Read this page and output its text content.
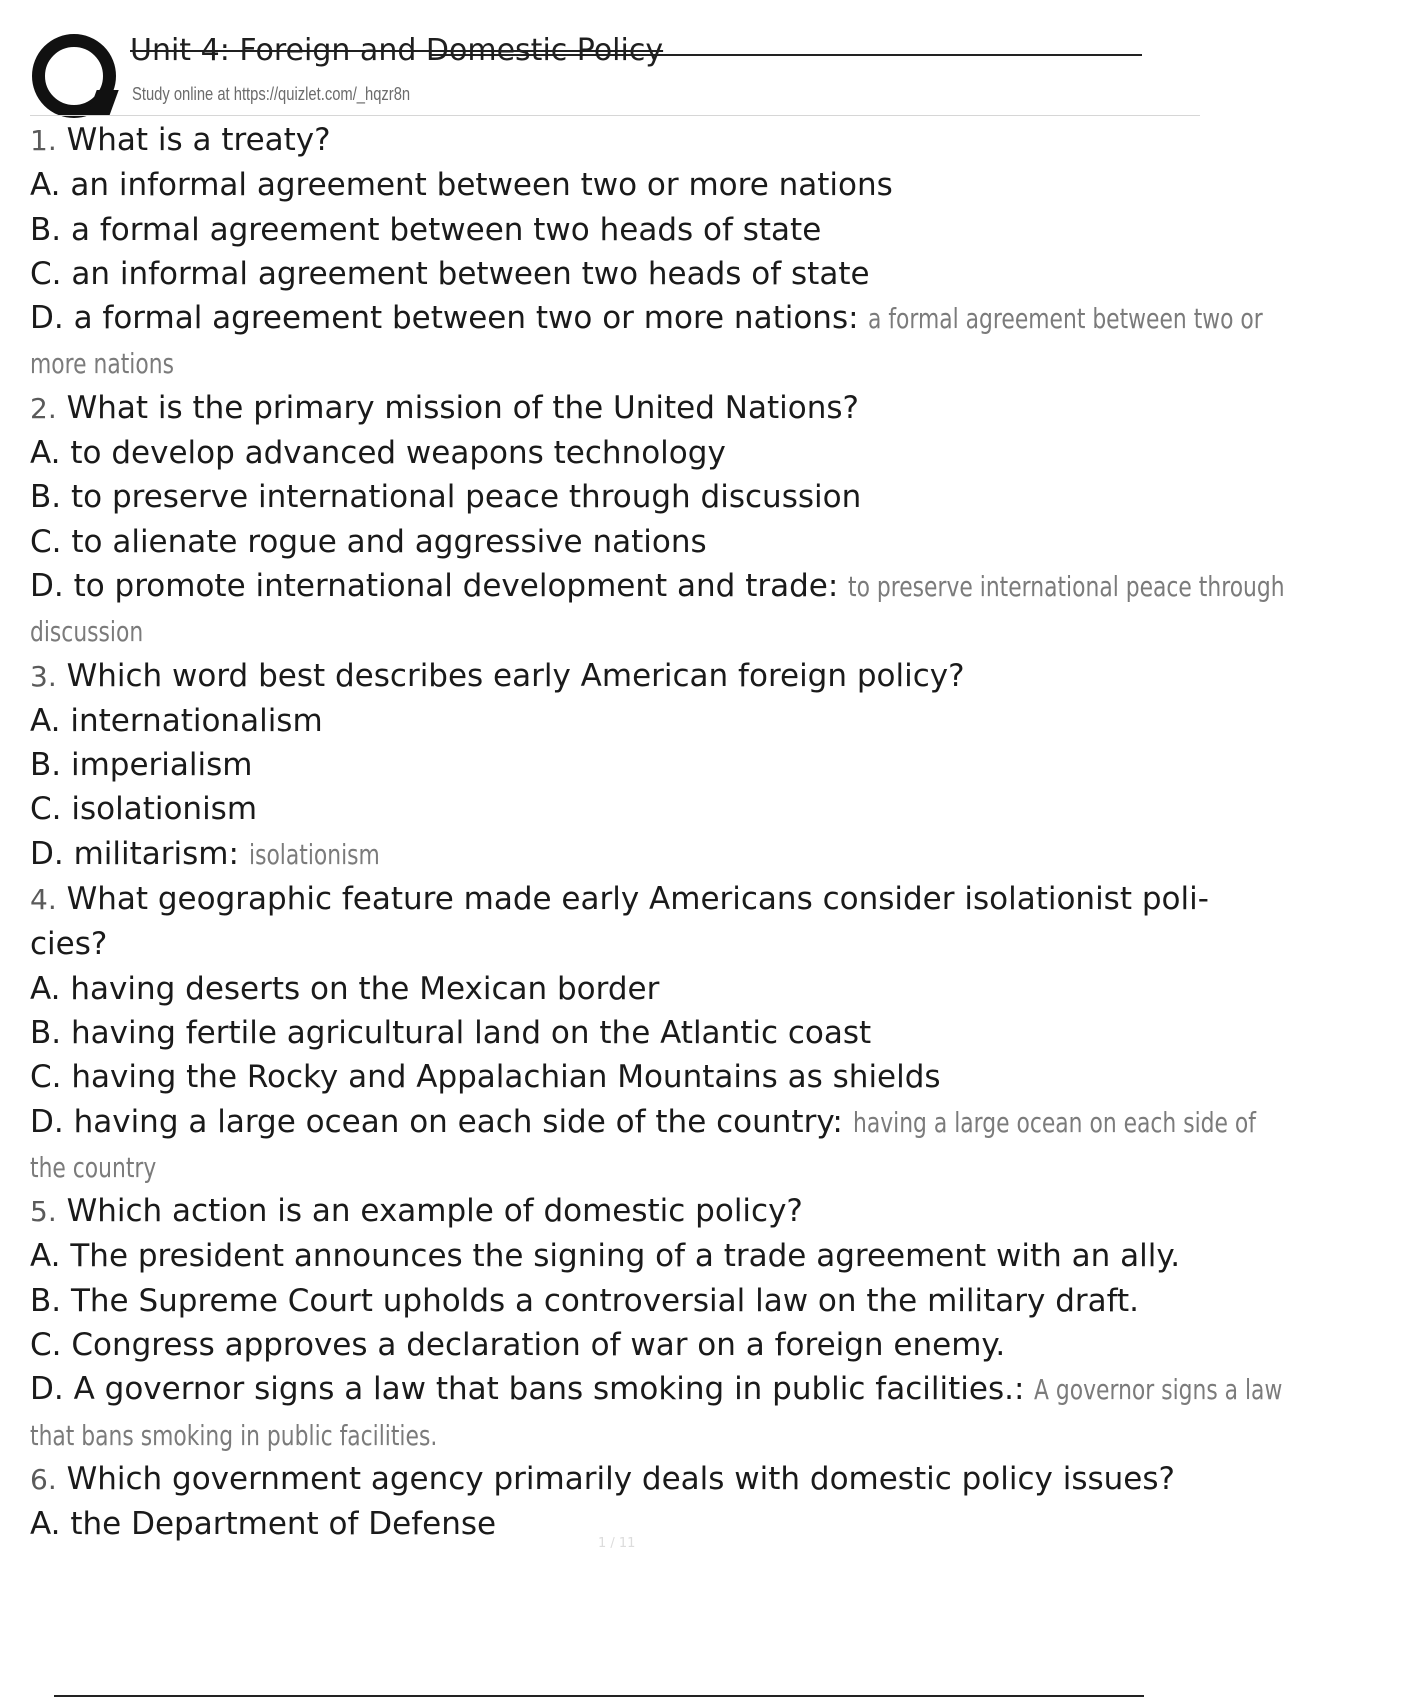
Unit 4: Foreign and Domestic Policy
Study online at https://quizlet.com/_hqzr8n
1. What is a treaty?
A. an informal agreement between two or more nations
B. a formal agreement between two heads of state
C. an informal agreement between two heads of state
D. a formal agreement between two or more nations: a formal agreement between two or
more nations
2. What is the primary mission of the United Nations?
A. to develop advanced weapons technology
B. to preserve international peace through discussion
C. to alienate rogue and aggressive nations
D. to promote international development and trade: to preserve international peace through
discussion
3. Which word best describes early American foreign policy?
A. internationalism
B. imperialism
C. isolationism
D. militarism: isolationism
4. What geographic feature made early Americans consider isolationist poli-
cies?
A. having deserts on the Mexican border
B. having fertile agricultural land on the Atlantic coast
C. having the Rocky and Appalachian Mountains as shields
D. having a large ocean on each side of the country: having a large ocean on each side of
the country
5. Which action is an example of domestic policy?
A. The president announces the signing of a trade agreement with an ally.
B. The Supreme Court upholds a controversial law on the military draft.
C. Congress approves a declaration of war on a foreign enemy.
D. A governor signs a law that bans smoking in public facilities.: A governor signs a law
that bans smoking in public facilities.
6. Which government agency primarily deals with domestic policy issues?
A. the Department of Defense
1 / 11
